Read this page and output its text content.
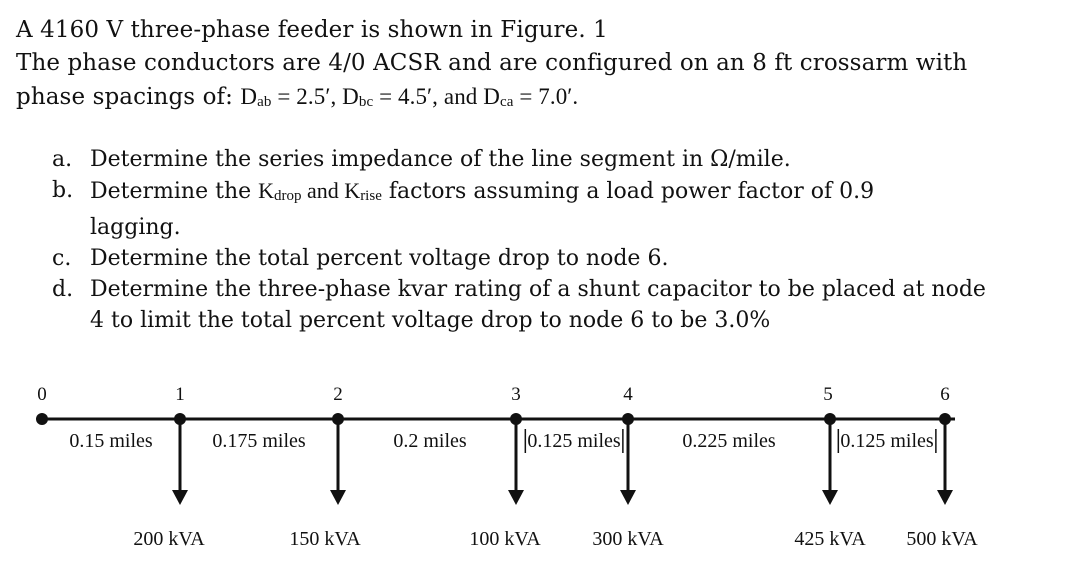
A 4160 V three-phase feeder is shown in Figure. 1
The phase conductors are 4/0 ACSR and are configured on an 8 ft crossarm with
phase spacings of: Dab = 2.5′, Dbc = 4.5′, and Dca = 7.0′.
a. Determine the series impedance of the line segment in Ω/mile.
b. Determine the Kdrop and Krise factors assuming a load power factor of 0.9
lagging.
c. Determine the total percent voltage drop to node 6.
d. Determine the three-phase kvar rating of a shunt capacitor to be placed at node
4 to limit the total percent voltage drop to node 6 to be 3.0%
0	1	2	3	4	5	6
0.15 miles	0.175 miles	0.2 miles	0.125 miles	0.225 miles	0.125 miles
200 kVA	150 kVA	100 kVA	300 kVA	425 kVA 500 kVA
